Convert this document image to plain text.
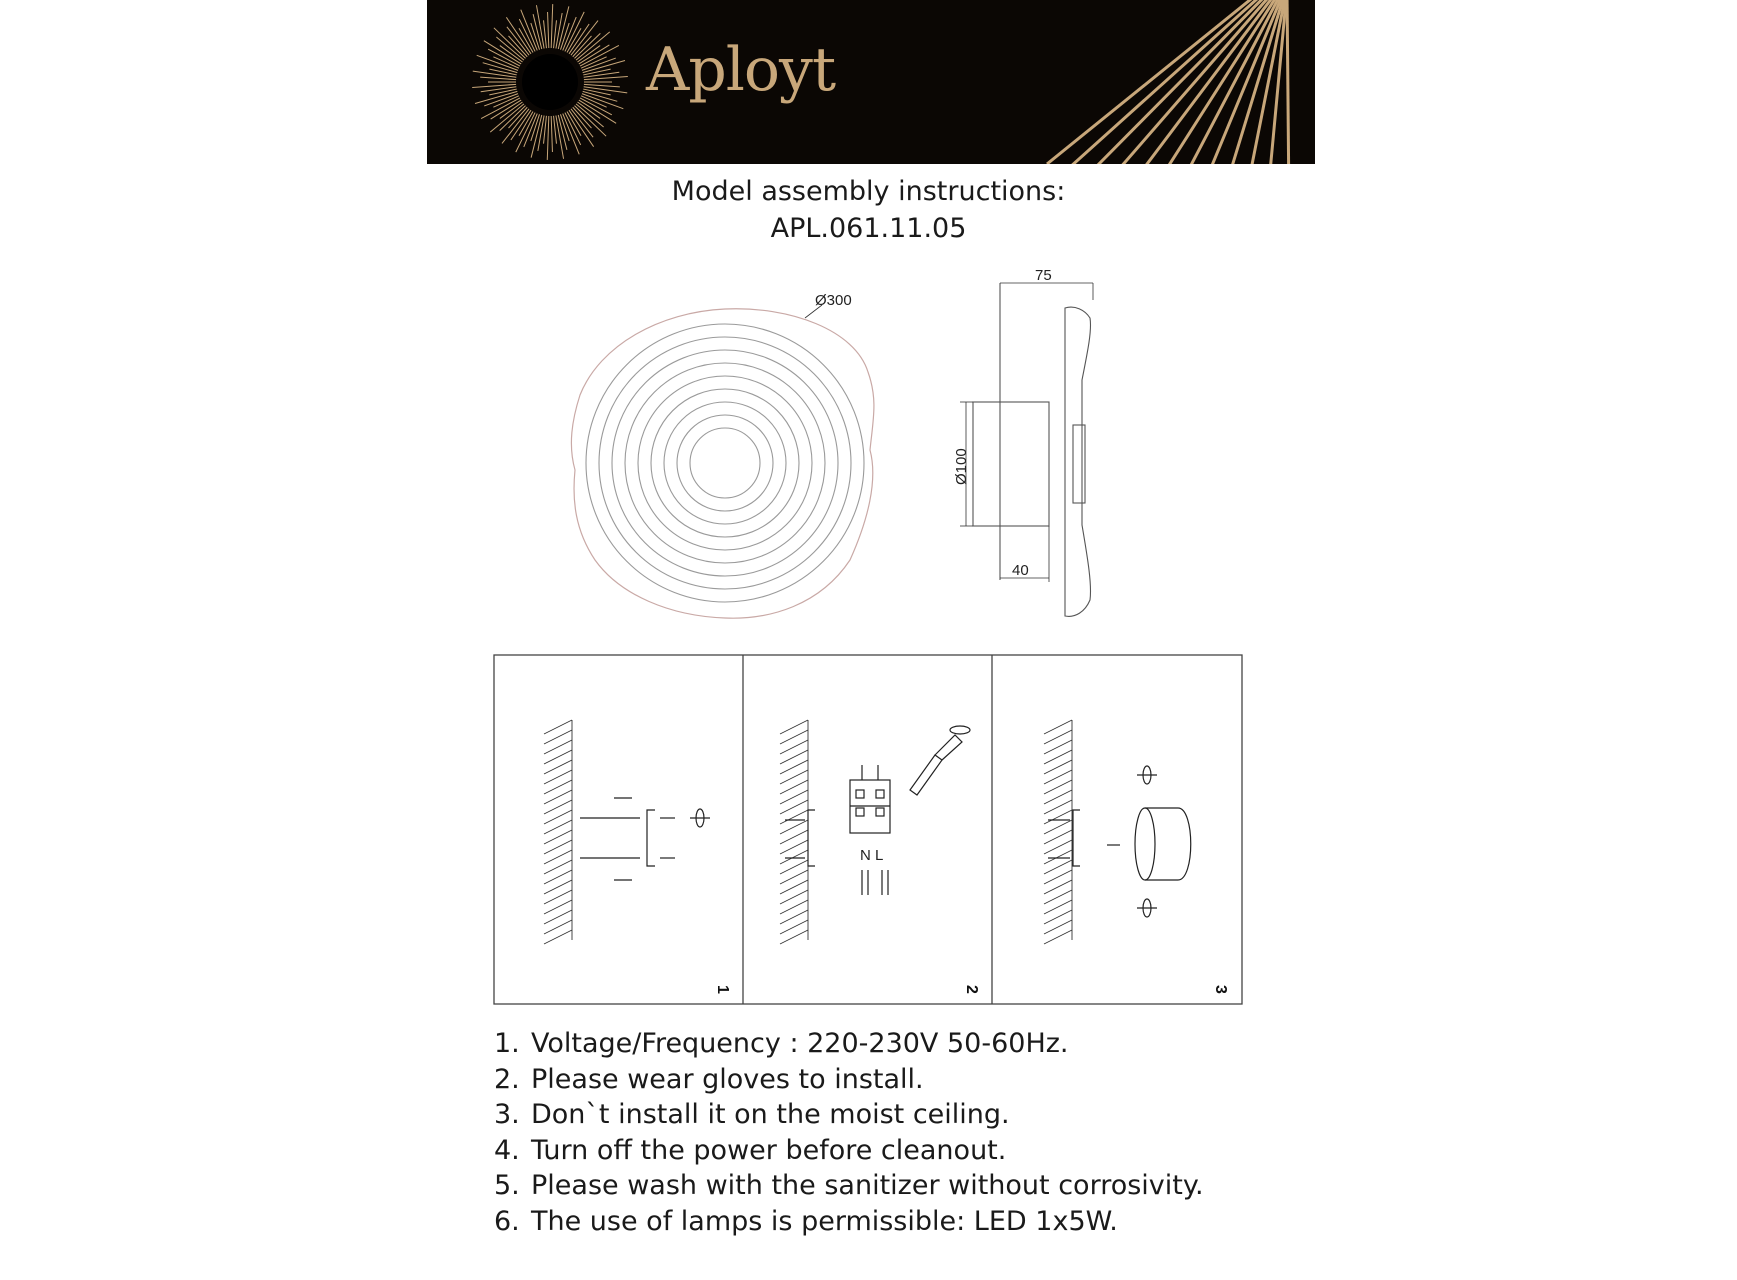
Aployt
Model assembly instructions:
APL.061.11.05
Ø300
75
Ø100
40
N L
1	2	3
1. Voltage/Frequency : 220-230V 50-60Hz.
2. Please wear gloves to install.
3. Don`t install it on the moist ceiling.
4. Turn off the power before cleanout.
5. Please wash with the sanitizer without corrosivity.
6. The use of lamps is permissible: LED 1x5W.
